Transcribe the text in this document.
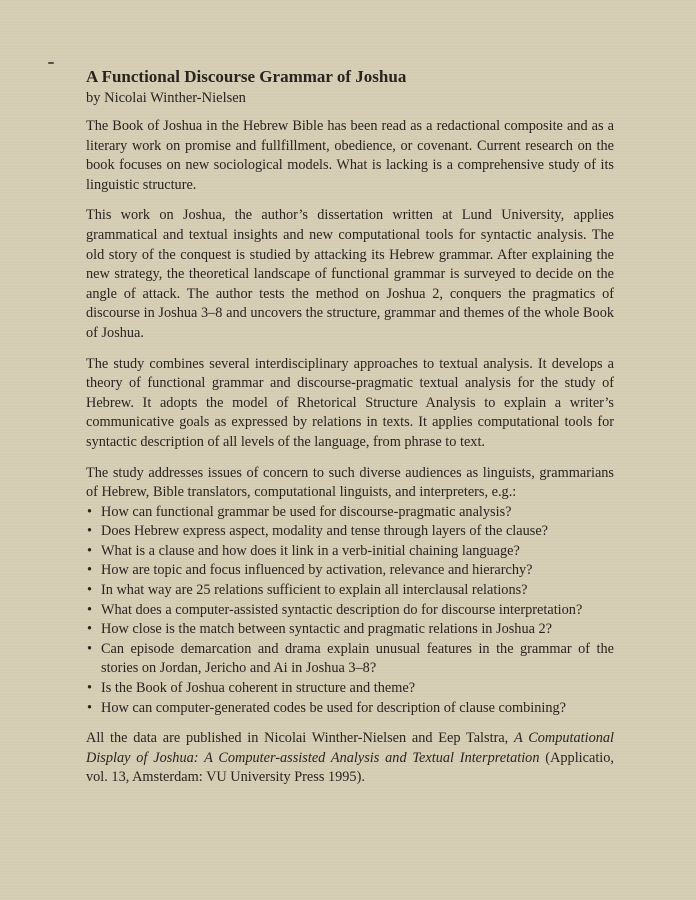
A Functional Discourse Grammar of Joshua
by Nicolai Winther-Nielsen

The Book of Joshua in the Hebrew Bible has been read as a redactional composite and as a literary work on promise and fullfillment, obedience, or covenant. Current research on the book focuses on new sociological models. What is lacking is a comprehensive study of its linguistic structure.

This work on Joshua, the author’s dissertation written at Lund University, applies grammatical and textual insights and new computational tools for syntactic analysis. The old story of the conquest is studied by attacking its Hebrew grammar. After explaining the new strategy, the theoretical landscape of functional grammar is surveyed to decide on the angle of attack. The author tests the method on Joshua 2, conquers the pragmatics of discourse in Joshua 3–8 and uncovers the structure, grammar and themes of the whole Book of Joshua.

The study combines several interdisciplinary approaches to textual analysis. It develops a theory of functional grammar and discourse-pragmatic textual analysis for the study of Hebrew. It adopts the model of Rhetorical Structure Analysis to explain a writer’s communicative goals as expressed by relations in texts. It applies computational tools for syntactic description of all levels of the language, from phrase to text.

The study addresses issues of concern to such diverse audiences as linguists, grammarians of Hebrew, Bible translators, computational linguists, and interpreters, e.g.:

• How can functional grammar be used for discourse-pragmatic analysis?
• Does Hebrew express aspect, modality and tense through layers of the clause?
• What is a clause and how does it link in a verb-initial chaining language?
• How are topic and focus influenced by activation, relevance and hierarchy?
• In what way are 25 relations sufficient to explain all interclausal relations?
• What does a computer-assisted syntactic description do for discourse interpretation?
• How close is the match between syntactic and pragmatic relations in Joshua 2?
• Can episode demarcation and drama explain unusual features in the grammar of the stories on Jordan, Jericho and Ai in Joshua 3–8?
• Is the Book of Joshua coherent in structure and theme?
• How can computer-generated codes be used for description of clause combining?

All the data are published in Nicolai Winther-Nielsen and Eep Talstra, A Computational Display of Joshua: A Computer-assisted Analysis and Textual Interpretation (Applicatio, vol. 13, Amsterdam: VU University Press 1995).
